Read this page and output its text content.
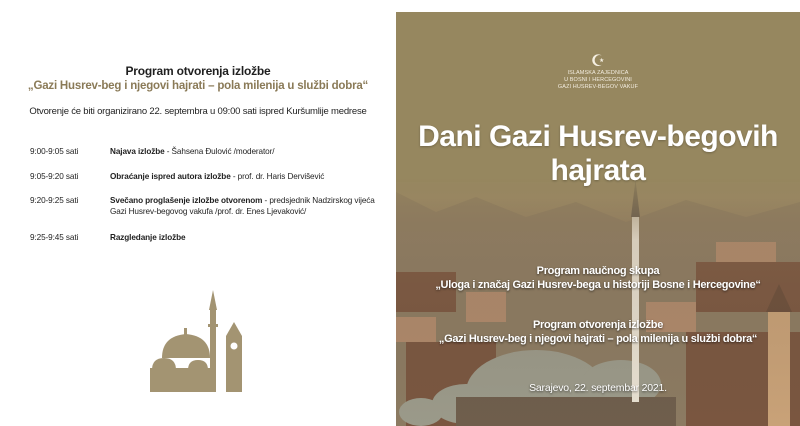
Program otvorenja izložbe
„Gazi Husrev-beg i njegovi hajrati – pola milenija u službi dobra“
Otvorenje će biti organizirano 22. septembra u 09:00 sati ispred Kuršumlije medrese
9:00-9:05 sati	Najava izložbe - Šahsena Đulović /moderator/
9:05-9:20 sati	Obraćanje ispred autora izložbe - prof. dr. Haris Dervišević
9:20-9:25 sati	Svečano proglašenje izložbe otvorenom - predsjednik Nadzirskog vijeća Gazi Husrev-begovog vakufa /prof. dr. Enes Ljevaković/
9:25-9:45 sati	Razgledanje izložbe
☪
ISLAMSKA ZAJEDNICA
U BOSNI I HERCEGOVINI
GAZI HUSREV-BEGOV VAKUF
Dani Gazi Husrev-begovih
hajrata
Program naučnog skupa
„Uloga i značaj Gazi Husrev-bega u historiji Bosne i Hercegovine“
Program otvorenja izložbe
„Gazi Husrev-beg i njegovi hajrati – pola milenija u službi dobra“
Sarajevo, 22. septembar 2021.
